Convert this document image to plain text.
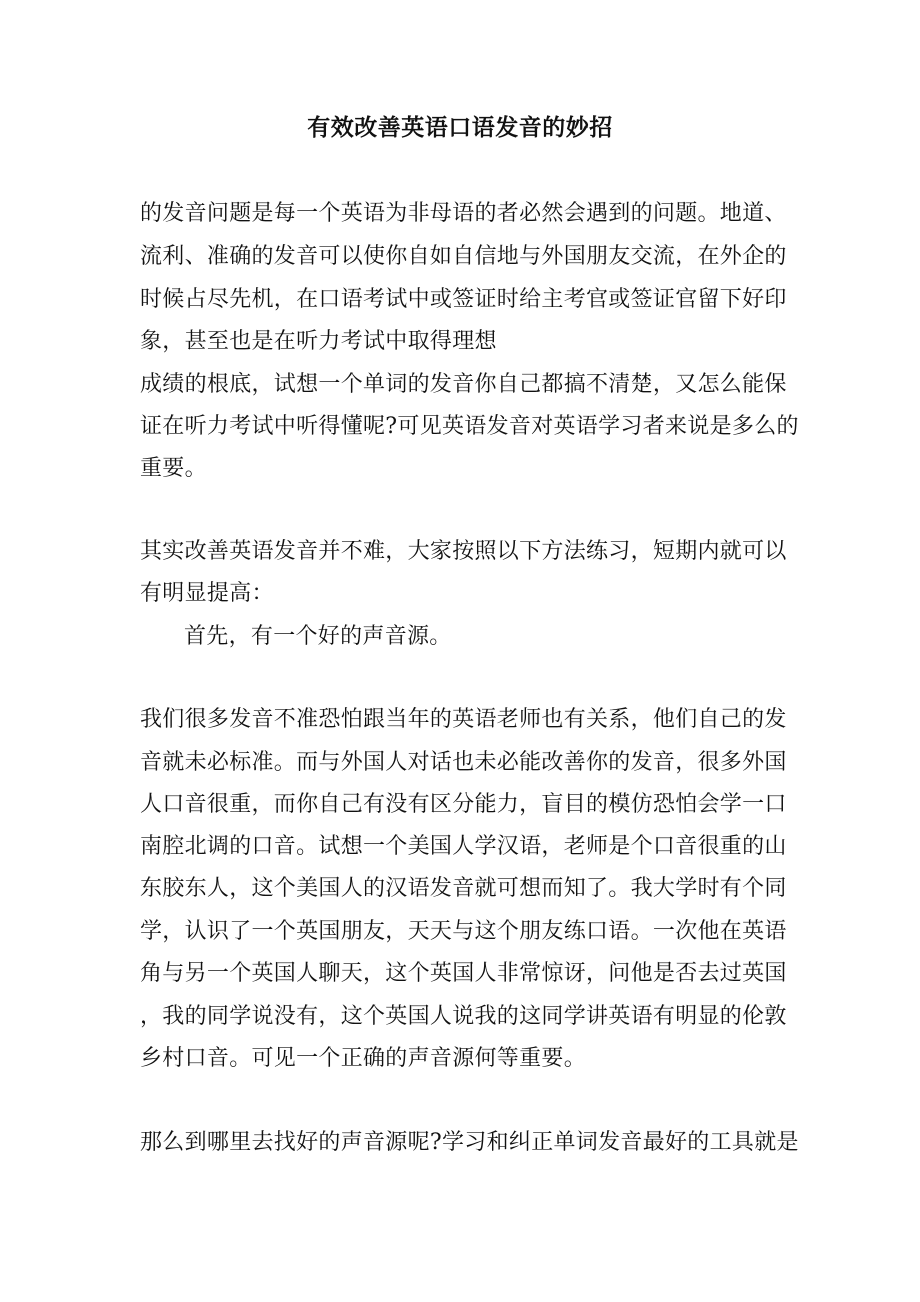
有效改善英语口语发音的妙招
的发音问题是每一个英语为非母语的者必然会遇到的问题。地道、
流利、准确的发音可以使你自如自信地与外国朋友交流，在外企的
时候占尽先机，在口语考试中或签证时给主考官或签证官留下好印
象，甚至也是在听力考试中取得理想
成绩的根底，试想一个单词的发音你自己都搞不清楚，又怎么能保
证在听力考试中听得懂呢?可见英语发音对英语学习者来说是多么的
重要。
其实改善英语发音并不难，大家按照以下方法练习，短期内就可以
有明显提高：
首先，有一个好的声音源。
我们很多发音不准恐怕跟当年的英语老师也有关系，他们自己的发
音就未必标准。而与外国人对话也未必能改善你的发音，很多外国
人口音很重，而你自己有没有区分能力，盲目的模仿恐怕会学一口
南腔北调的口音。试想一个美国人学汉语，老师是个口音很重的山
东胶东人，这个美国人的汉语发音就可想而知了。我大学时有个同
学，认识了一个英国朋友，天天与这个朋友练口语。一次他在英语
角与另一个英国人聊天，这个英国人非常惊讶，问他是否去过英国
，我的同学说没有，这个英国人说我的这同学讲英语有明显的伦敦
乡村口音。可见一个正确的声音源何等重要。
那么到哪里去找好的声音源呢?学习和纠正单词发音最好的工具就是
